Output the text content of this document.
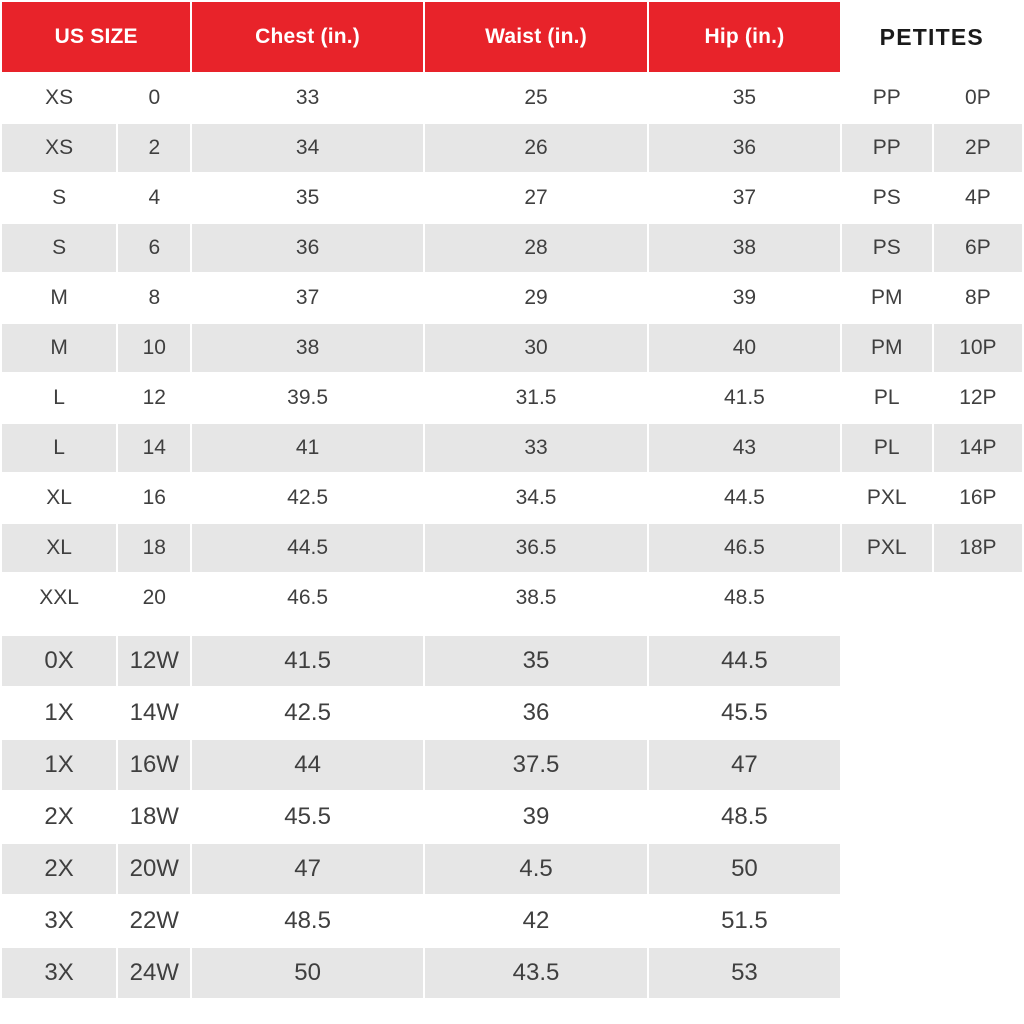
US SIZE		Chest (in.)	Waist (in.)	Hip (in.)	PETITES	
XS	0	33	25	35	PP	0P
XS	2	34	26	36	PP	2P
S	4	35	27	37	PS	4P
S	6	36	28	38	PS	6P
M	8	37	29	39	PM	8P
M	10	38	30	40	PM	10P
L	12	39.5	31.5	41.5	PL	12P
L	14	41	33	43	PL	14P
XL	16	42.5	34.5	44.5	PXL	16P
XL	18	44.5	36.5	46.5	PXL	18P
XXL	20	46.5	38.5	48.5		

0X	12W	41.5	35	44.5		
1X	14W	42.5	36	45.5		
1X	16W	44	37.5	47		
2X	18W	45.5	39	48.5		
2X	20W	47	4.5	50		
3X	22W	48.5	42	51.5		
3X	24W	50	43.5	53		
